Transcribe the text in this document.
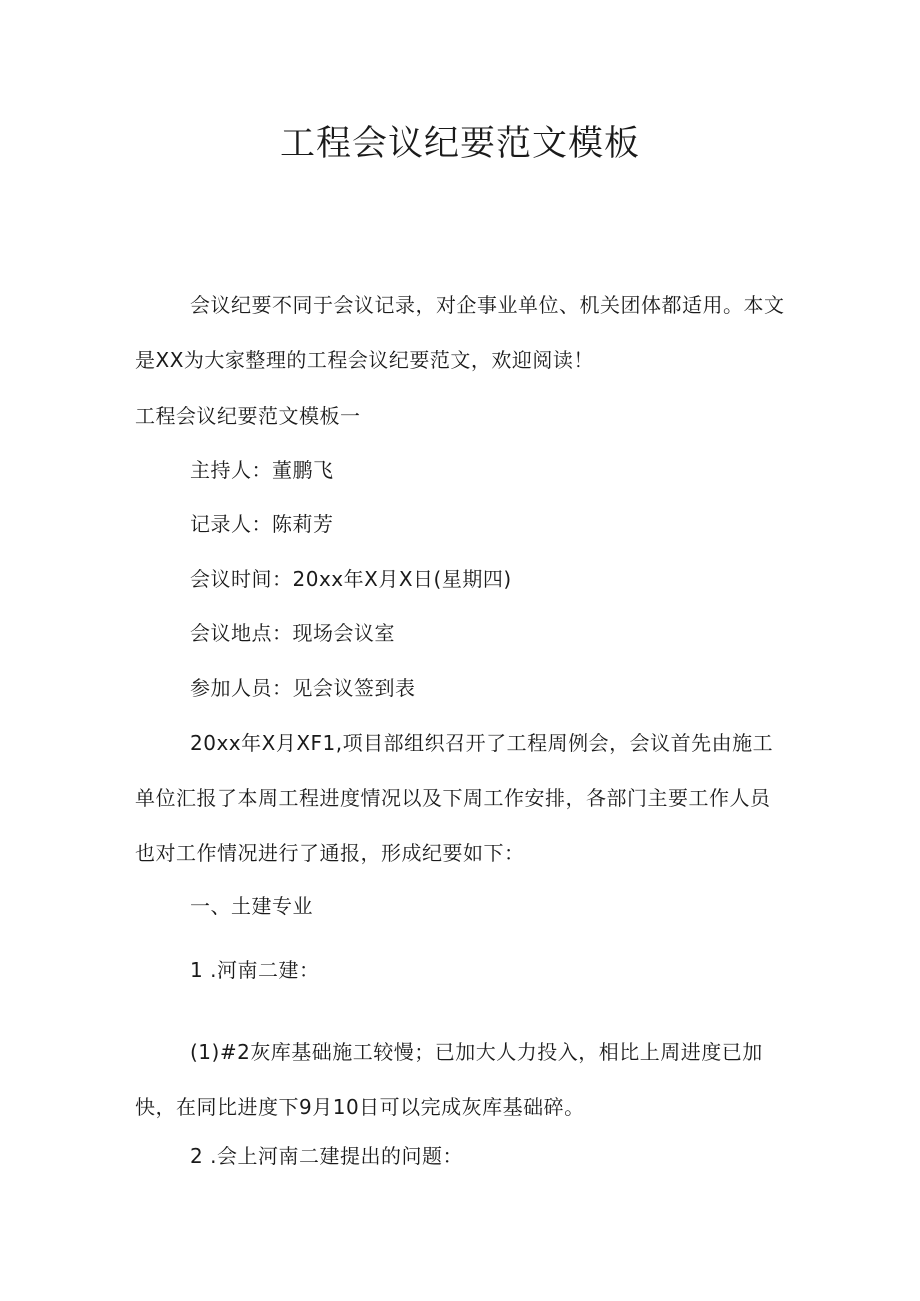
工程会议纪要范文模板
会议纪要不同于会议记录，对企事业单位、机关团体都适用。本文是XX为大家整理的工程会议纪要范文，欢迎阅读！
工程会议纪要范文模板一
主持人：董鹏飞
记录人：陈莉芳
会议时间：20xx年X月X日(星期四)
会议地点：现场会议室
参加人员：见会议签到表
20xx年X月XF1,项目部组织召开了工程周例会，会议首先由施工单位汇报了本周工程进度情况以及下周工作安排，各部门主要工作人员也对工作情况进行了通报，形成纪要如下：
一、土建专业
1 .河南二建：
(1)#2灰库基础施工较慢；已加大人力投入，相比上周进度已加快，在同比进度下9月10日可以完成灰库基础碎。
2 .会上河南二建提出的问题：
